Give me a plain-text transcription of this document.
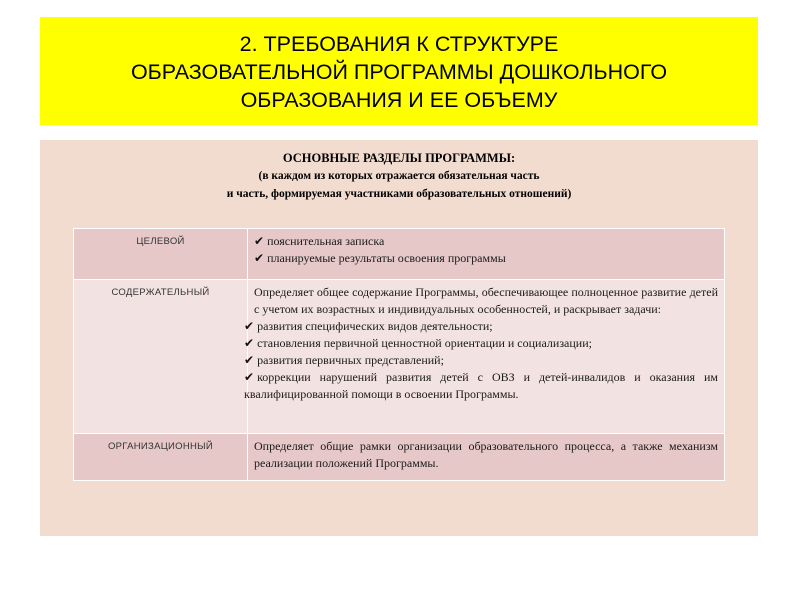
2. ТРЕБОВАНИЯ К СТРУКТУРЕ
ОБРАЗОВАТЕЛЬНОЙ ПРОГРАММЫ ДОШКОЛЬНОГО
ОБРАЗОВАНИЯ И ЕЕ ОБЪЕМУ
ОСНОВНЫЕ РАЗДЕЛЫ ПРОГРАММЫ:
(в каждом из которых отражается обязательная часть
и часть, формируемая участниками образовательных отношений)
ЦЕЛЕВОЙ	✔ пояснительная записка
✔ планируемые результаты освоения программы

СОДЕРЖАТЕЛЬНЫЙ	Определяет общее содержание Программы, обеспечивающее полноценное развитие детей с учетом их возрастных и индивидуальных особенностей, и раскрывает задачи:
✔ развития специфических видов деятельности;
✔ становления первичной ценностной ориентации и социализации;
✔ развития первичных представлений;
✔ коррекции нарушений развития детей с ОВЗ и детей-инвалидов и оказания им квалифицированной помощи в освоении Программы.

ОРГАНИЗАЦИОННЫЙ	Определяет общие рамки организации образовательного процесса, а также механизм реализации положений Программы.
